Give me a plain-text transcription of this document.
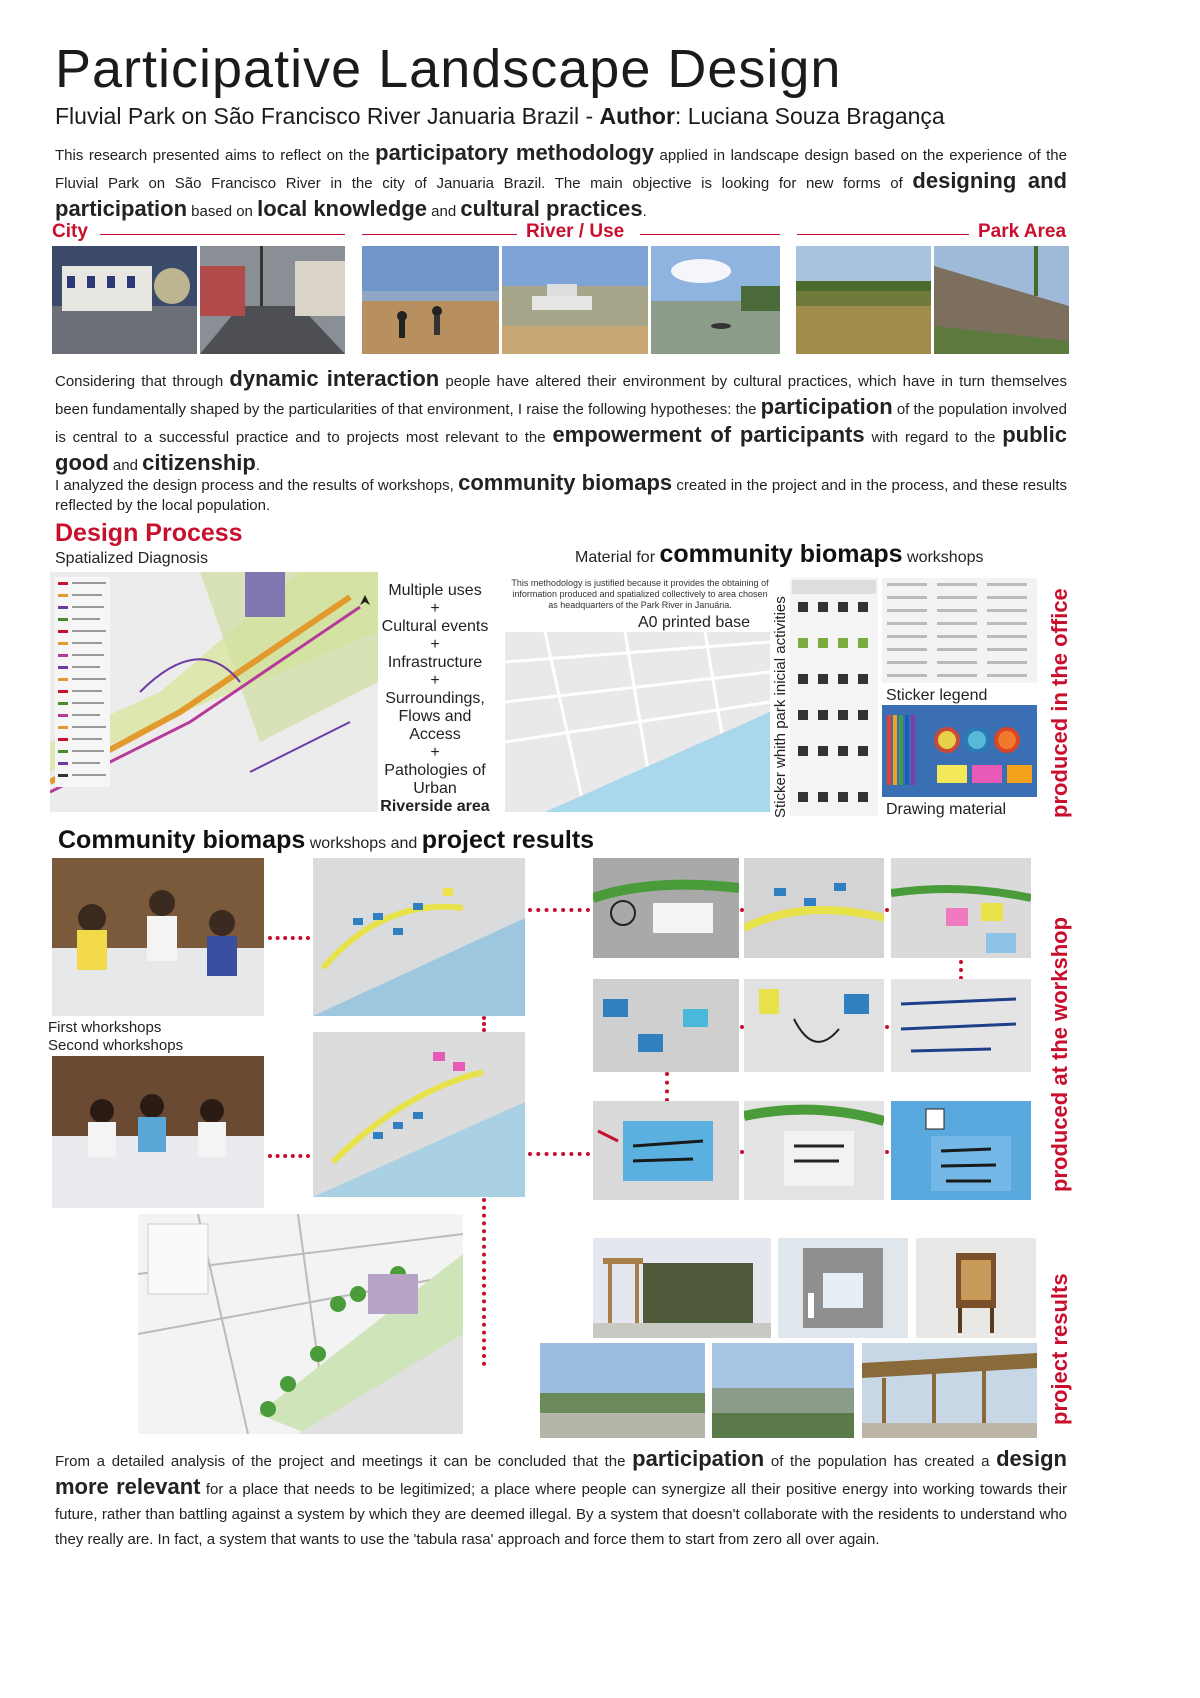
Participative Landscape Design
Fluvial Park on São Francisco River Januaria Brazil - Author: Luciana Souza Bragança
This research presented aims to reflect on the participatory methodology applied in landscape design based on the experience of the Fluvial Park on São Francisco River in the city of Januaria Brazil. The main objective is looking for new forms of designing and participation based on local knowledge and cultural practices.
City	River / Use	Park Area
Considering that through dynamic interaction people have altered their environment by cultural practices, which have in turn themselves been fundamentally shaped by the particularities of that environment, I raise the following hypotheses: the participation of the population involved is central to a successful practice and to projects most relevant to the empowerment of participants with regard to the public good and citizenship.
I analyzed the design process and the results of workshops, community biomaps created in the project and in the process, and these results reflected by the local population.
Design Process
Spatialized Diagnosis
Multiple uses
+
Cultural events
+
Infrastructure
+
Surroundings,
Flows and
Access
+
Pathologies of
Urban
Riverside area
Material for community biomaps workshops
This methodology is justified because it provides the obtaining of information produced and spatialized collectively to area chosen as headquarters of the Park River in Januária.
A0 printed base Sticker whith park inicial activities	Sticker legend
Drawing material produced in the office
Community biomaps workshops and project results
First whorkshops
Second whorkshops	produced at the workshop
project results
From a detailed analysis of the project and meetings it can be concluded that the participation of the population has created a design more relevant for a place that needs to be legitimized; a place where people can synergize all their positive energy into working towards their future, rather than battling against a system by which they are deemed illegal. By a system that doesn't collaborate with the residents to understand who they really are. In fact, a system that wants to use the 'tabula rasa' approach and force them to start from zero all over again.
